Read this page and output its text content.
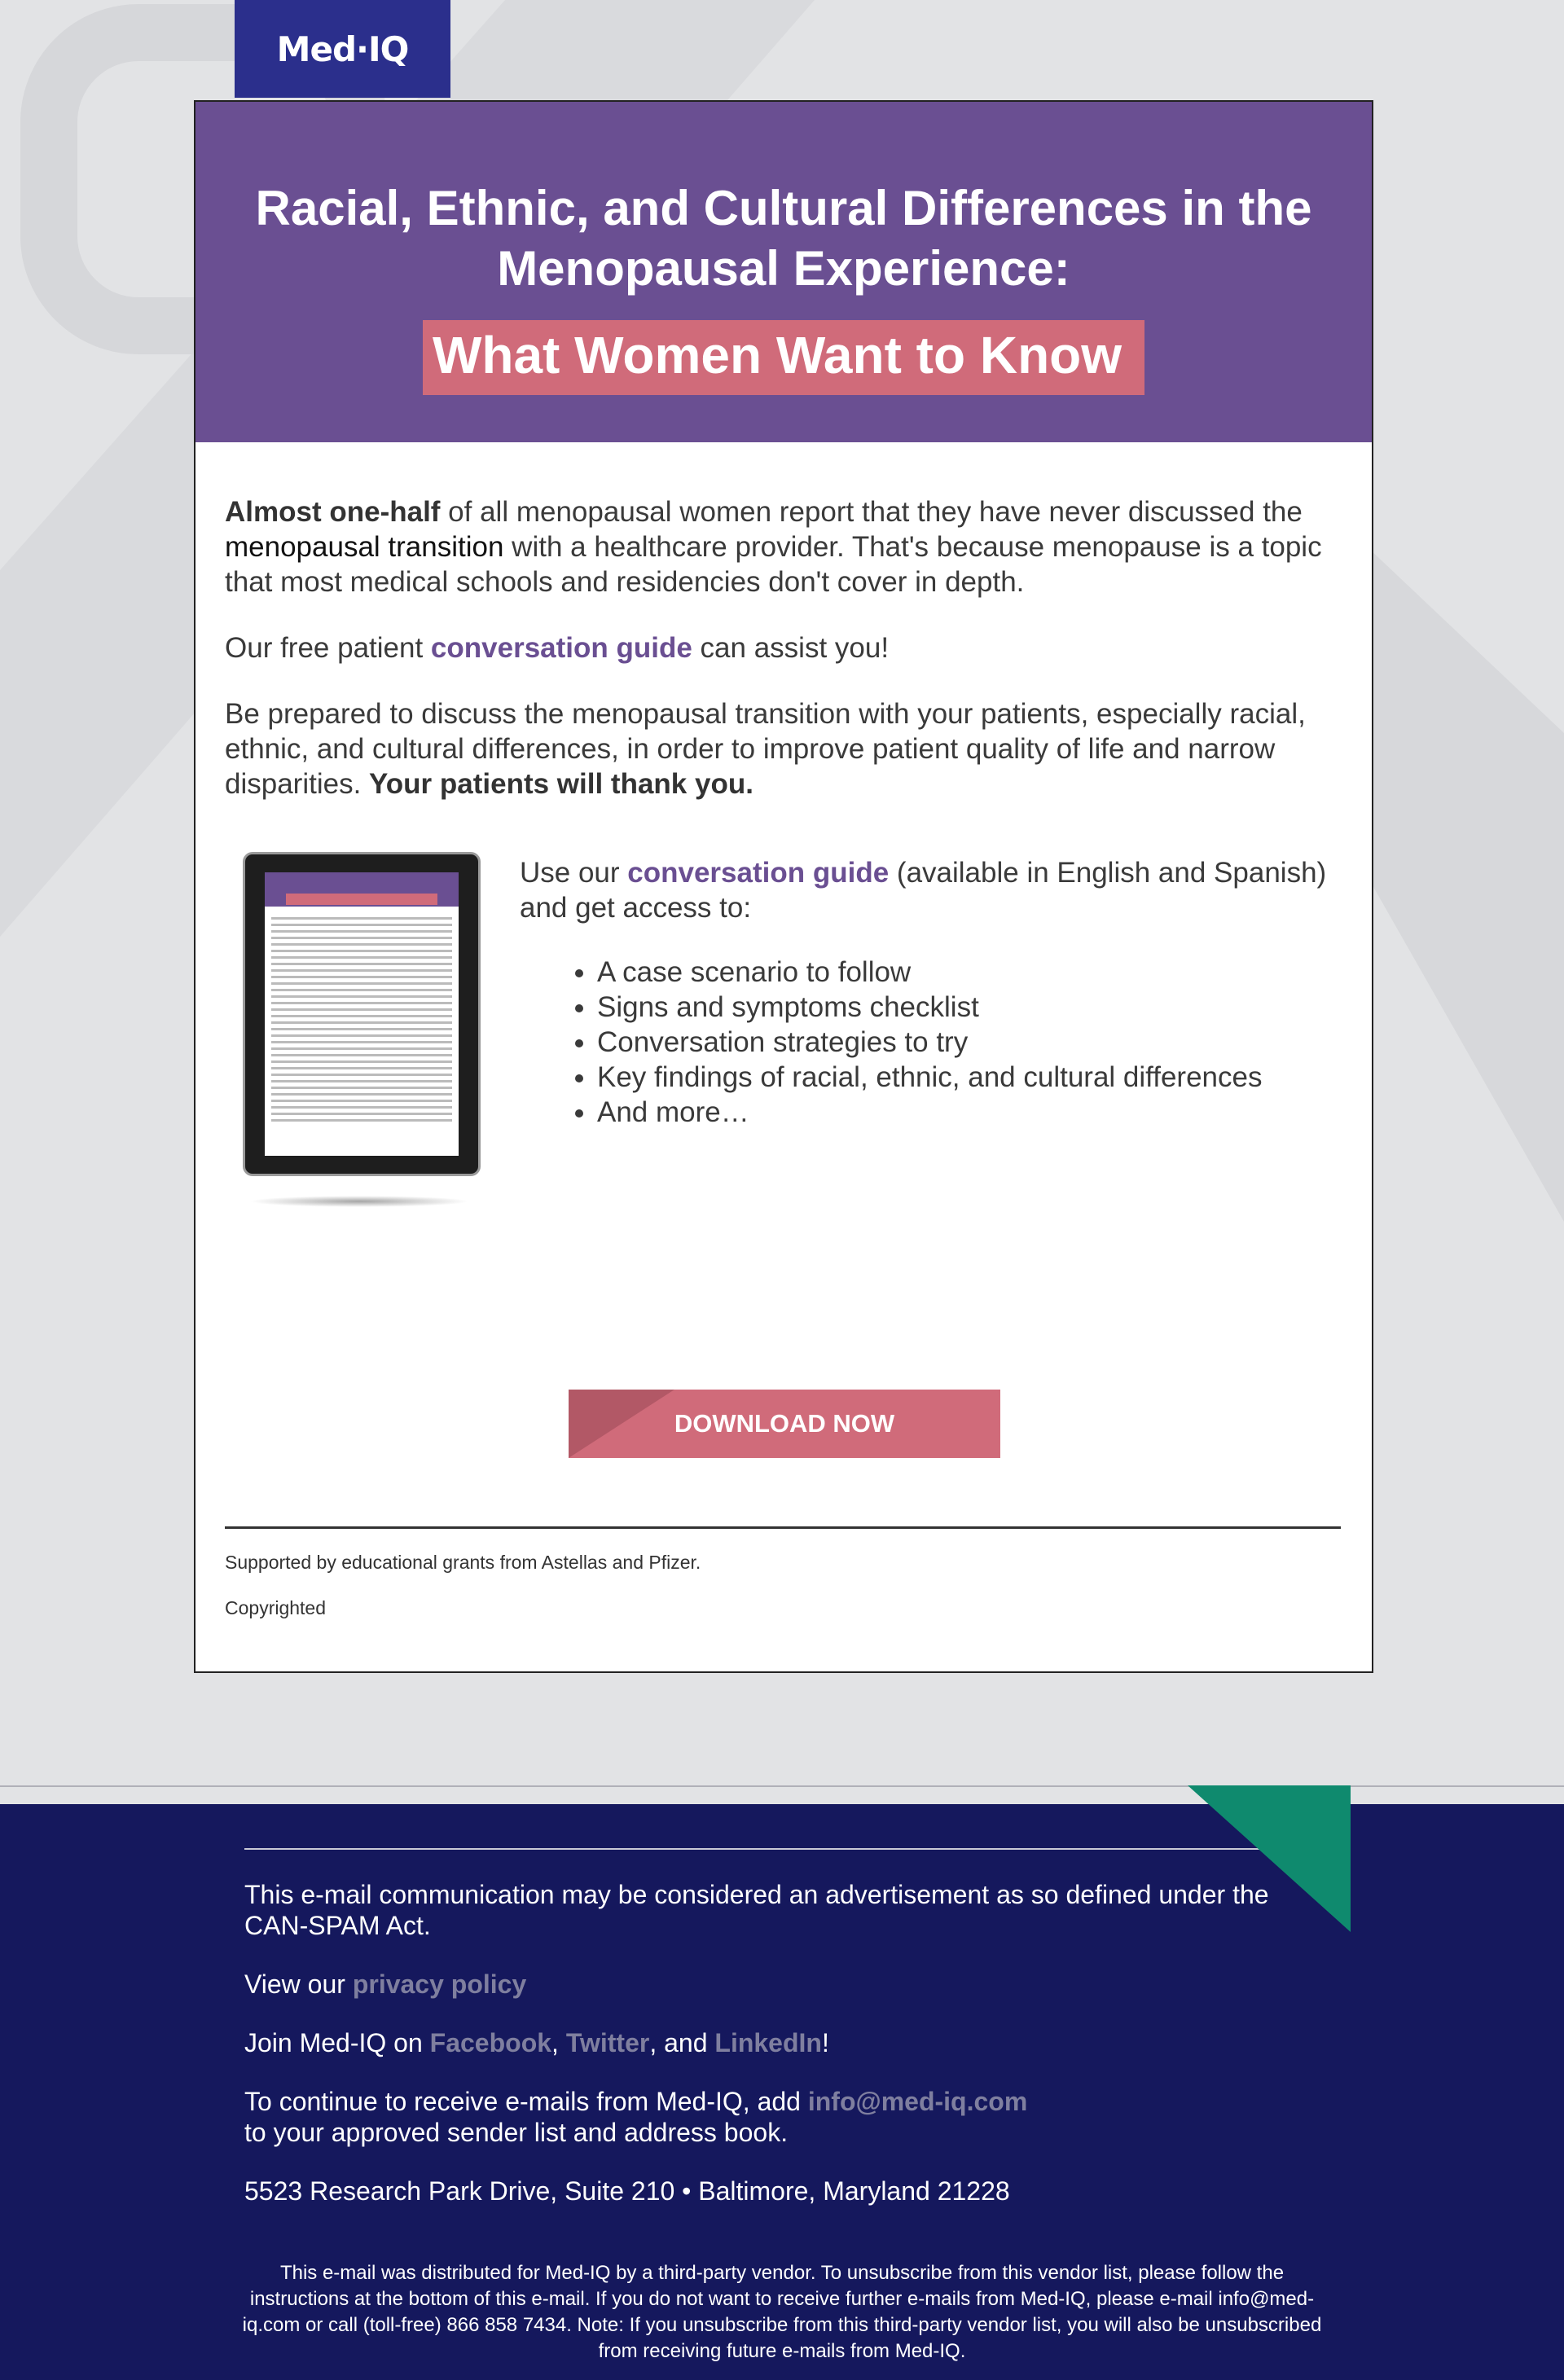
Med·IQ
Racial, Ethnic, and Cultural Differences in the Menopausal Experience:
What Women Want to Know

Almost one-half of all menopausal women report that they have never discussed the menopausal transition with a healthcare provider. That's because menopause is a topic that most medical schools and residencies don't cover in depth.

Our free patient conversation guide can assist you!

Be prepared to discuss the menopausal transition with your patients, especially racial, ethnic, and cultural differences, in order to improve patient quality of life and narrow disparities. Your patients will thank you.

Use our conversation guide (available in English and Spanish) and get access to:

• A case scenario to follow
• Signs and symptoms checklist
• Conversation strategies to try
• Key findings of racial, ethnic, and cultural differences
• And more…
DOWNLOAD NOW
Supported by educational grants from Astellas and Pfizer.
Copyrighted

This e-mail communication may be considered an advertisement as so defined under the CAN-SPAM Act.

View our privacy policy

Join Med-IQ on Facebook, Twitter, and LinkedIn!

To continue to receive e-mails from Med-IQ, add info@med-iq.com
to your approved sender list and address book.

5523 Research Park Drive, Suite 210 • Baltimore, Maryland 21228

This e-mail was distributed for Med-IQ by a third-party vendor. To unsubscribe from this vendor list, please follow the instructions at the bottom of this e-mail. If you do not want to receive further e-mails from Med-IQ, please e-mail info@med-iq.com or call (toll-free) 866 858 7434. Note: If you unsubscribe from this third-party vendor list, you will also be unsubscribed from receiving future e-mails from Med-IQ.
